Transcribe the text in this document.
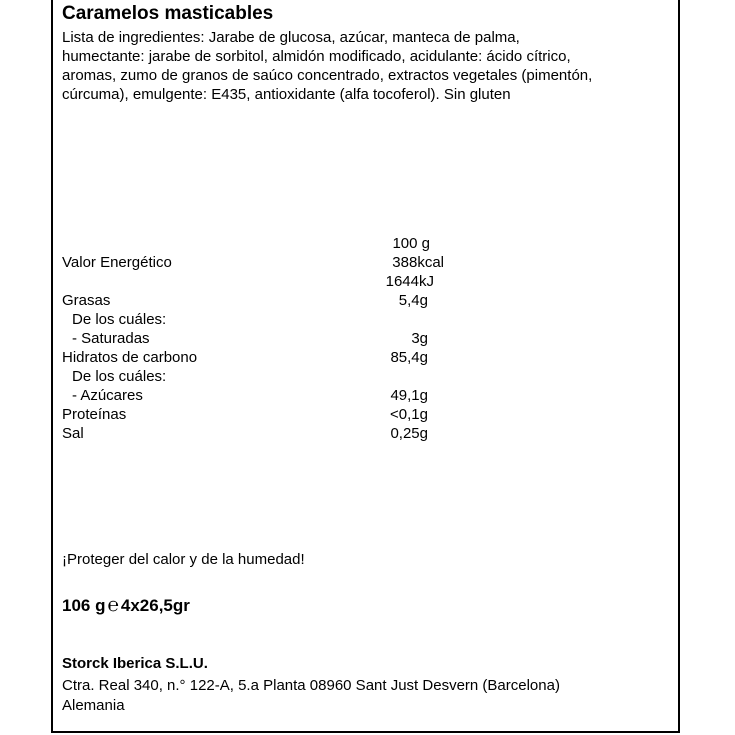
Caramelos masticables
Lista de ingredientes: Jarabe de glucosa, azúcar, manteca de palma,
humectante: jarabe de sorbitol, almidón modificado, acidulante: ácido cítrico,
aromas, zumo de granos de saúco concentrado, extractos vegetales (pimentón,
cúrcuma), emulgente: E435, antioxidante (alfa tocoferol). Sin gluten
100 g
Valor Energético	388kcal
1644kJ
Grasas	5,4g
De los cuáles:
- Saturadas	3g
Hidratos de carbono	85,4g
De los cuáles:
- Azúcares	49,1g
Proteínas	<0,1g
Sal	0,25g
¡Proteger del calor y de la humedad!
106 g ℮ 4x26,5gr
Storck Iberica S.L.U.
Ctra. Real 340, n.° 122-A, 5.a Planta 08960 Sant Just Desvern (Barcelona)
Alemania
